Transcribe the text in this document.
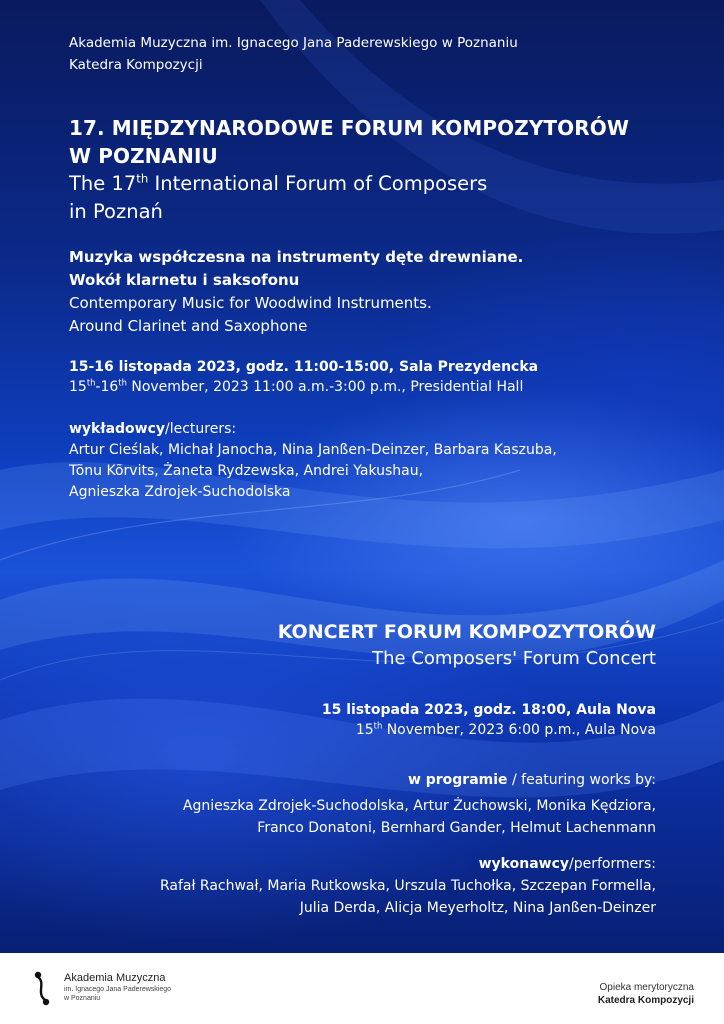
Akademia Muzyczna im. Ignacego Jana Paderewskiego w Poznaniu
Katedra Kompozycji
17. MIĘDZYNARODOWE FORUM KOMPOZYTORÓW
W POZNANIU
The 17th International Forum of Composers
in Poznań
Muzyka współczesna na instrumenty dęte drewniane.
Wokół klarnetu i saksofonu
Contemporary Music for Woodwind Instruments.
Around Clarinet and Saxophone
15-16 listopada 2023, godz. 11:00-15:00, Sala Prezydencka
15th-16th November, 2023 11:00 a.m.-3:00 p.m., Presidential Hall
wykładowcy/lecturers:
Artur Cieślak, Michał Janocha, Nina Janßen-Deinzer, Barbara Kaszuba,
Tõnu Kõrvits, Żaneta Rydzewska, Andrei Yakushau,
Agnieszka Zdrojek-Suchodolska
KONCERT FORUM KOMPOZYTORÓW
The Composers' Forum Concert
15 listopada 2023, godz. 18:00, Aula Nova
15th November, 2023 6:00 p.m., Aula Nova
w programie / featuring works by:
Agnieszka Zdrojek-Suchodolska, Artur Żuchowski, Monika Kędziora,
Franco Donatoni, Bernhard Gander, Helmut Lachenmann
wykonawcy/performers:
Rafał Rachwał, Maria Rutkowska, Urszula Tuchołka, Szczepan Formella,
Julia Derda, Alicja Meyerholtz, Nina Janßen-Deinzer
Akademia Muzyczna
im. Ignacego Jana Paderewskiego
w Poznaniu
Opieka merytoryczna
Katedra Kompozycji
